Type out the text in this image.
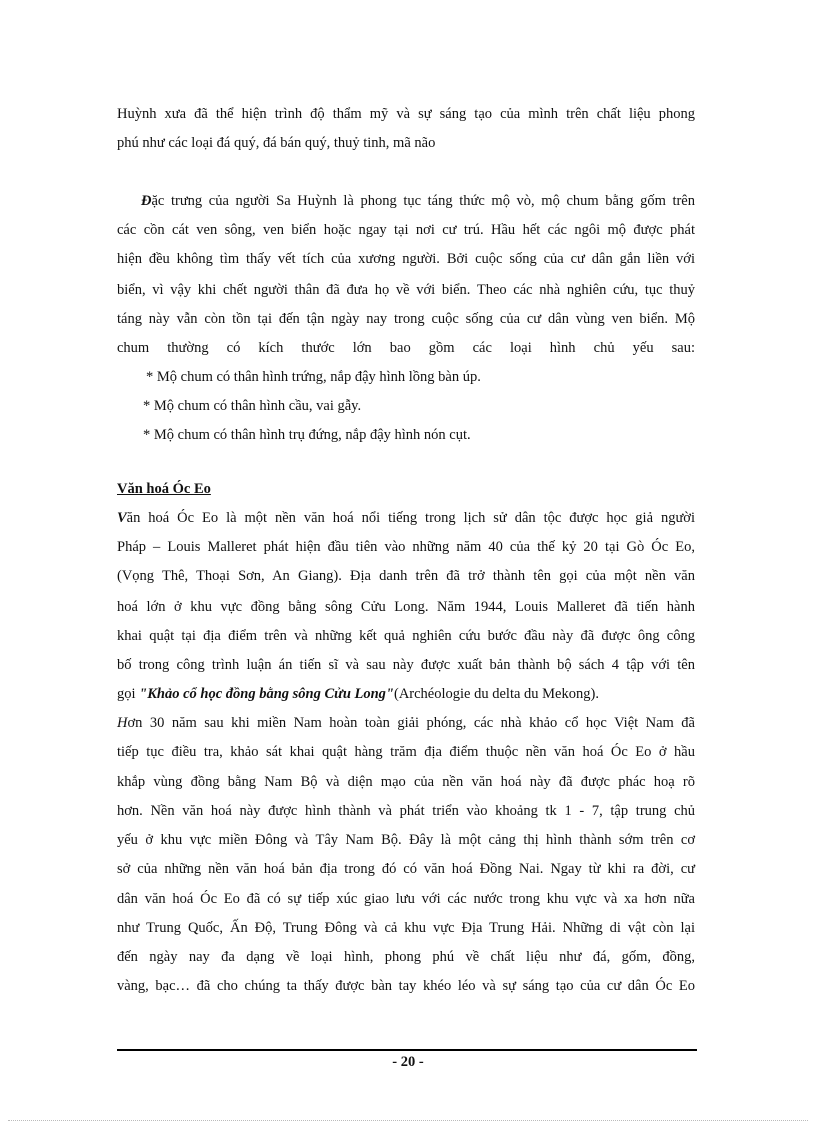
Huỳnh xưa đã thể hiện trình độ thẩm mỹ và sự sáng tạo của mình trên chất liệu phong
phú như các loại đá quý, đá bán quý, thuỷ tinh, mã não
Đặc trưng của người Sa Huỳnh là phong tục táng thức mộ vò, mộ chum bằng gốm trên
các cồn cát ven sông, ven biển hoặc ngay tại nơi cư trú. Hầu hết các ngôi mộ được phát
hiện đều không tìm thấy vết tích của xương người. Bởi cuộc sống của cư dân gắn liền với
biển, vì vậy khi chết người thân đã đưa họ về với biển. Theo các nhà nghiên cứu, tục thuỷ
táng này vẫn còn tồn tại đến tận ngày nay trong cuộc sống của cư dân vùng ven biển. Mộ
chum thường có kích thước lớn bao gồm các loại hình chủ yếu sau:
* Mộ chum có thân hình trứng, nắp đậy hình lồng bàn úp.
* Mộ chum có thân hình cầu, vai gẫy.
* Mộ chum có thân hình trụ đứng, nắp đậy hình nón cụt.
Văn hoá Óc Eo
Văn hoá Óc Eo là một nền văn hoá nổi tiếng trong lịch sử dân tộc được học giả người
Pháp – Louis Malleret phát hiện đầu tiên vào những năm 40 của thế kỷ 20 tại Gò Óc Eo,
(Vọng Thê, Thoại Sơn, An Giang). Địa danh trên đã trở thành tên gọi của một nền văn
hoá lớn ở khu vực đồng bằng sông Cửu Long. Năm 1944, Louis Malleret đã tiến hành
khai quật tại địa điểm trên và những kết quả nghiên cứu bước đầu này đã được ông công
bố trong công trình luận án tiến sĩ và sau này được xuất bản thành bộ sách 4 tập với tên
gọi "Khảo cổ học đồng bằng sông Cửu Long"(Archéologie du delta du Mekong).
Hơn 30 năm sau khi miền Nam hoàn toàn giải phóng, các nhà khảo cổ học Việt Nam đã
tiếp tục điều tra, khảo sát khai quật hàng trăm địa điểm thuộc nền văn hoá Óc Eo ở hầu
khắp vùng đồng bằng Nam Bộ và diện mạo của nền văn hoá này đã được phác hoạ rõ
hơn. Nền văn hoá này được hình thành và phát triển vào khoảng tk 1 - 7, tập trung chủ
yếu ở khu vực miền Đông và Tây Nam Bộ. Đây là một cảng thị hình thành sớm trên cơ
sở của những nền văn hoá bản địa trong đó có văn hoá Đồng Nai. Ngay từ khi ra đời, cư
dân văn hoá Óc Eo đã có sự tiếp xúc giao lưu với các nước trong khu vực và xa hơn nữa
như Trung Quốc, Ấn Độ, Trung Đông và cả khu vực Địa Trung Hải. Những di vật còn lại
đến ngày nay đa dạng về loại hình, phong phú về chất liệu như đá, gốm, đồng,
vàng, bạc… đã cho chúng ta thấy được bàn tay khéo léo và sự sáng tạo của cư dân Óc Eo
- 20 -
